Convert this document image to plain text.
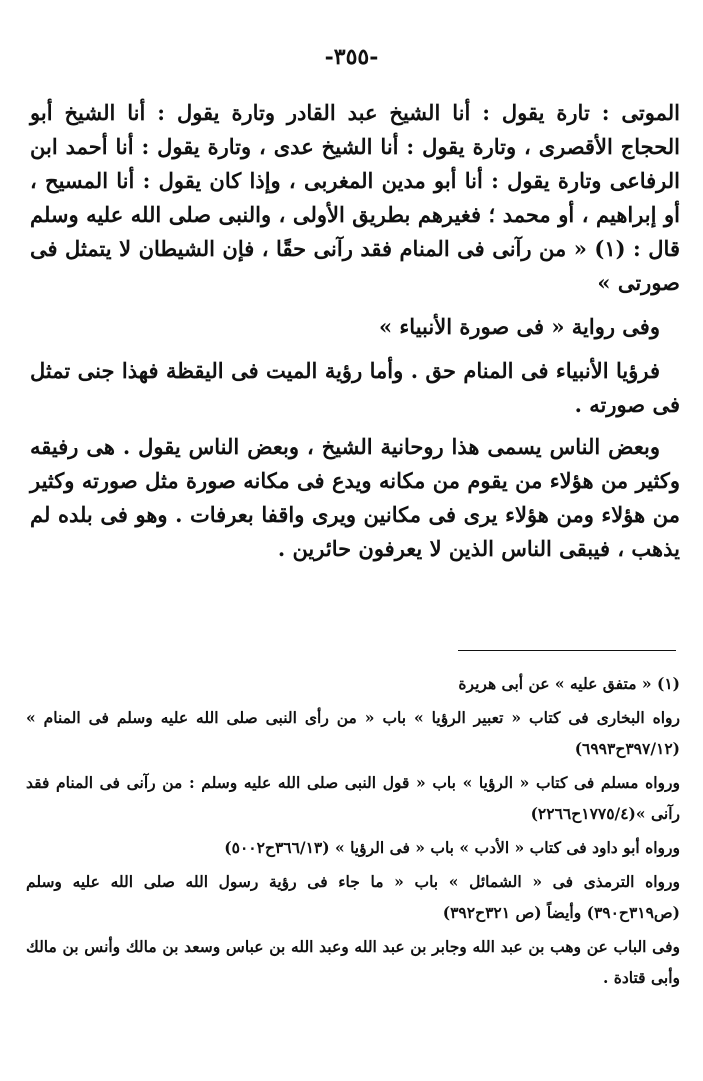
-٣٥٥-

الموتى : تارة يقول : أنا الشيخ عبد القادر وتارة يقول : أنا الشيخ أبو الحجاج الأقصرى ، وتارة يقول : أنا الشيخ عدى ، وتارة يقول : أنا أحمد ابن الرفاعى وتارة يقول : أنا أبو مدين المغربى ، وإذا كان يقول : أنا المسيح ، أو إبراهيم ، أو محمد ؛ فغيرهم بطريق الأولى ، والنبى صلى الله عليه وسلم قال : (١) « من رآنى فى المنام فقد رآنى حقًا ، فإن الشيطان لا يتمثل فى صورتى »

وفى رواية « فى صورة الأنبياء »

فرؤيا الأنبياء فى المنام حق . وأما رؤية الميت فى اليقظة فهذا جنى تمثل فى صورته .

وبعض الناس يسمى هذا روحانية الشيخ ، وبعض الناس يقول . هى رفيقه وكثير من هؤلاء من يقوم من مكانه ويدع فى مكانه صورة مثل صورته وكثير من هؤلاء ومن هؤلاء يرى فى مكانين ويرى واقفا بعرفات . وهو فى بلده لم يذهب ، فيبقى الناس الذين لا يعرفون حائرين .

(١) « متفق عليه » عن أبى هريرة

رواه البخارى فى كتاب « تعبير الرؤيا » باب « من رأى النبى صلى الله عليه وسلم فى المنام » (٣٩٧/١٢ح٦٩٩٣)

ورواه مسلم فى كتاب « الرؤيا » باب « قول النبى صلى الله عليه وسلم : من رآنى فى المنام فقد رآنى »(١٧٧٥/٤ح٢٢٦٦)

ورواه أبو داود فى كتاب « الأدب » باب « فى الرؤيا » (٣٦٦/١٣ح٥٠٠٢)

ورواه الترمذى فى « الشمائل » باب « ما جاء فى رؤية رسول الله صلى الله عليه وسلم (ص٣١٩ح٣٩٠) وأيضاً (ص ٣٢١ح٣٩٢)

وفى الباب عن وهب بن عبد الله وجابر بن عبد الله وعبد الله بن عباس وسعد بن مالك وأنس بن مالك وأبى قتادة .
